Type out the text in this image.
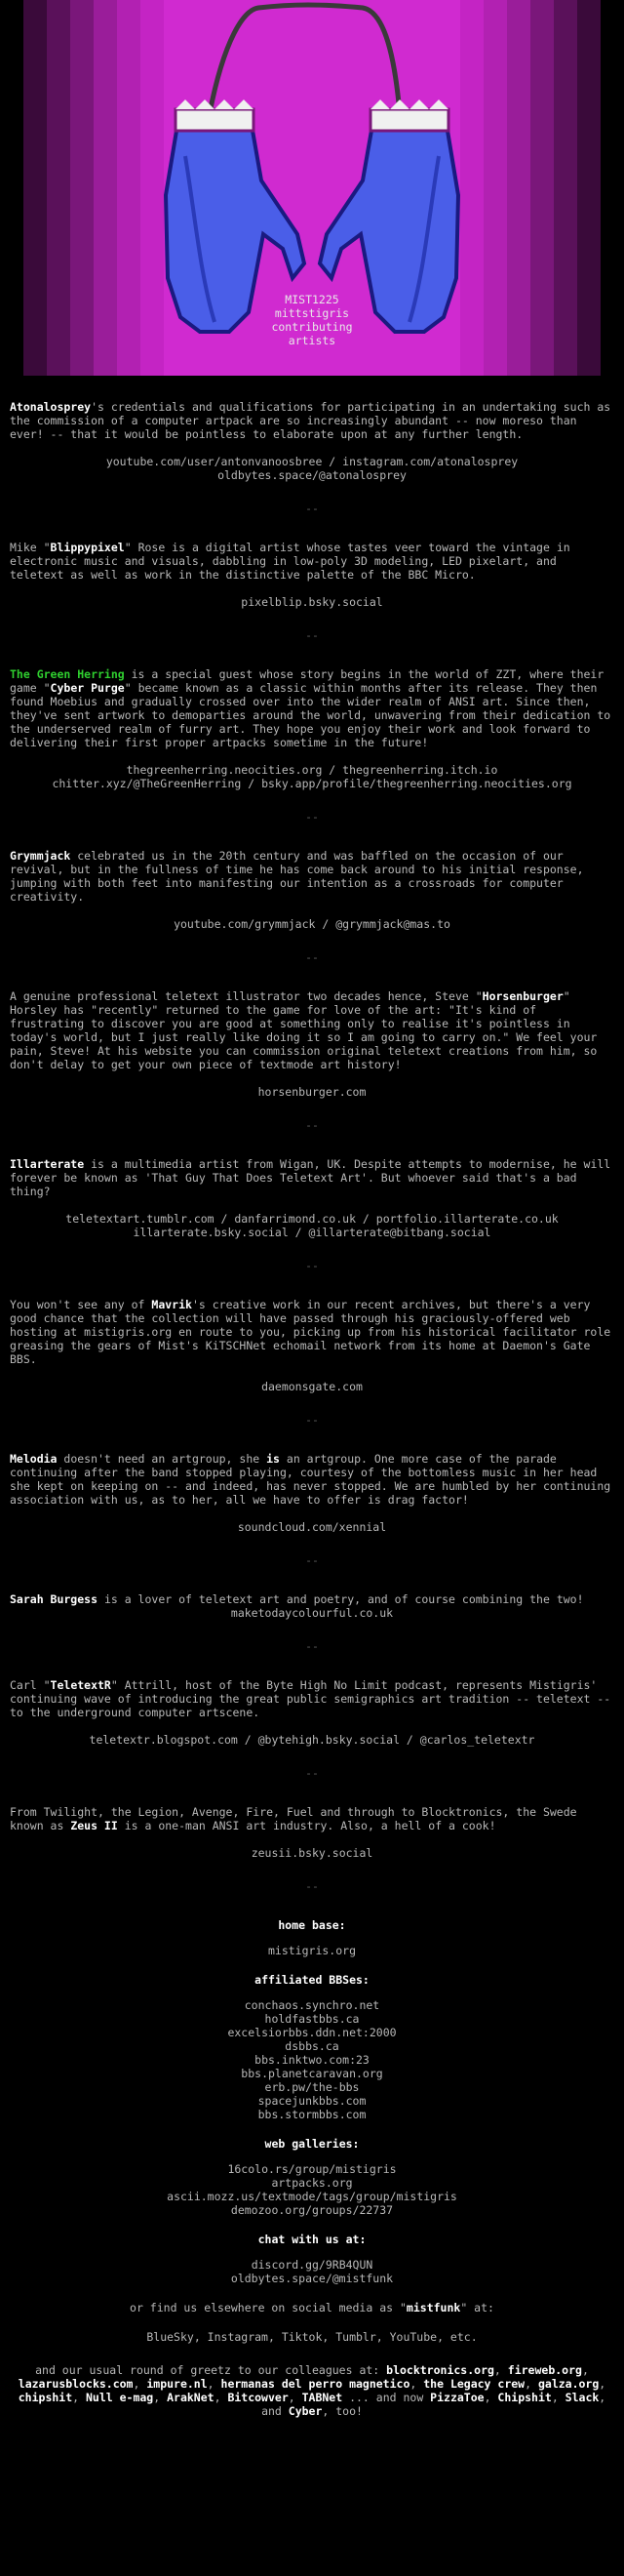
MIST1225
mittstigris
contributing
artists

Atonalosprey's credentials and qualifications for participating in an undertaking such as the commission of a computer artpack are so increasingly abundant -- now moreso than ever! -- that it would be pointless to elaborate upon at any further length.

youtube.com/user/antonvanoosbree / instagram.com/atonalosprey

oldbytes.space/@atonalosprey

--

Mike "Blippypixel" Rose is a digital artist whose tastes veer toward the vintage in electronic music and visuals, dabbling in low-poly 3D modeling, LED pixelart, and teletext as well as work in the distinctive palette of the BBC Micro.

pixelblip.bsky.social

--

The Green Herring is a special guest whose story begins in the world of ZZT, where their game "Cyber Purge" became known as a classic within months after its release. They then found Moebius and gradually crossed over into the wider realm of ANSI art. Since then, they've sent artwork to demoparties around the world, unwavering from their dedication to the underserved realm of furry art. They hope you enjoy their work and look forward to delivering their first proper artpacks sometime in the future!

thegreenherring.neocities.org / thegreenherring.itch.io

chitter.xyz/@TheGreenHerring / bsky.app/profile/thegreenherring.neocities.org

--

Grymmjack celebrated us in the 20th century and was baffled on the occasion of our revival, but in the fullness of time he has come back around to his initial response, jumping with both feet into manifesting our intention as a crossroads for computer creativity.

youtube.com/grymmjack / @grymmjack@mas.to

--

A genuine professional teletext illustrator two decades hence, Steve "Horsenburger" Horsley has "recently" returned to the game for love of the art: "It's kind of frustrating to discover you are good at something only to realise it's pointless in today's world, but I just really like doing it so I am going to carry on." We feel your pain, Steve! At his website you can commission original teletext creations from him, so don't delay to get your own piece of textmode art history!

horsenburger.com

--

Illarterate is a multimedia artist from Wigan, UK. Despite attempts to modernise, he will forever be known as 'That Guy That Does Teletext Art'. But whoever said that's a bad thing?

teletextart.tumblr.com / danfarrimond.co.uk / portfolio.illarterate.co.uk

illarterate.bsky.social / @illarterate@bitbang.social

--

You won't see any of Mavrik's creative work in our recent archives, but there's a very good chance that the collection will have passed through his graciously-offered web hosting at mistigris.org en route to you, picking up from his historical facilitator role greasing the gears of Mist's KiTSCHNet echomail network from its home at Daemon's Gate BBS.

daemonsgate.com

--

Melodia doesn't need an artgroup, she is an artgroup. One more case of the parade continuing after the band stopped playing, courtesy of the bottomless music in her head she kept on keeping on -- and indeed, has never stopped. We are humbled by her continuing association with us, as to her, all we have to offer is drag factor!

soundcloud.com/xennial

--

Sarah Burgess is a lover of teletext art and poetry, and of course combining the two!

maketodaycolourful.co.uk

--

Carl "TeletextR" Attrill, host of the Byte High No Limit podcast, represents Mistigris' continuing wave of introducing the great public semigraphics art tradition -- teletext -- to the underground computer artscene.

teletextr.blogspot.com / @bytehigh.bsky.social / @carlos_teletextr

--

From Twilight, the Legion, Avenge, Fire, Fuel and through to Blocktronics, the Swede known as Zeus II is a one-man ANSI art industry. Also, a hell of a cook!

zeusii.bsky.social

--

home base:

mistigris.org

affiliated BBSes:

conchaos.synchro.net
holdfastbbs.ca
excelsiorbbs.ddn.net:2000
dsbbs.ca
bbs.inktwo.com:23
bbs.planetcaravan.org
erb.pw/the-bbs
spacejunkbbs.com
bbs.stormbbs.com

web galleries:

16colo.rs/group/mistigris
artpacks.org
ascii.mozz.us/textmode/tags/group/mistigris
demozoo.org/groups/22737

chat with us at:

discord.gg/9RB4QUN
oldbytes.space/@mistfunk

or find us elsewhere on social media as "mistfunk" at:

BlueSky, Instagram, Tiktok, Tumblr, YouTube, etc.

and our usual round of greetz to our colleagues at: blocktronics.org, fireweb.org, lazarusblocks.com, impure.nl, hermanas del perro magnetico, the Legacy crew, galza.org, chipshit, Null e-mag, ArakNet, Bitcowver, TABNet ... and now PizzaToe, Chipshit, Slack, and Cyber, too!
